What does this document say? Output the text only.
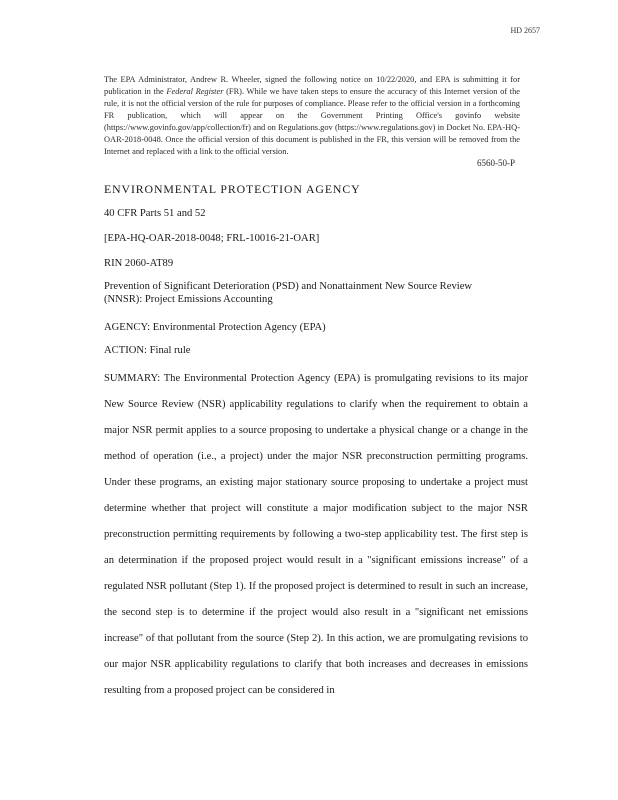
HD 2657
The EPA Administrator, Andrew R. Wheeler, signed the following notice on 10/22/2020, and EPA is submitting it for publication in the Federal Register (FR). While we have taken steps to ensure the accuracy of this Internet version of the rule, it is not the official version of the rule for purposes of compliance. Please refer to the official version in a forthcoming FR publication, which will appear on the Government Printing Office's govinfo website (https://www.govinfo.gov/app/collection/fr) and on Regulations.gov (https://www.regulations.gov) in Docket No. EPA-HQ-OAR-2018-0048. Once the official version of this document is published in the FR, this version will be removed from the Internet and replaced with a link to the official version.
6560-50-P
ENVIRONMENTAL PROTECTION AGENCY
40 CFR Parts 51 and 52
[EPA-HQ-OAR-2018-0048; FRL-10016-21-OAR]
RIN 2060-AT89
Prevention of Significant Deterioration (PSD) and Nonattainment New Source Review
(NNSR): Project Emissions Accounting
AGENCY: Environmental Protection Agency (EPA)
ACTION: Final rule
SUMMARY: The Environmental Protection Agency (EPA) is promulgating revisions to its major New Source Review (NSR) applicability regulations to clarify when the requirement to obtain a major NSR permit applies to a source proposing to undertake a physical change or a change in the method of operation (i.e., a project) under the major NSR preconstruction permitting programs. Under these programs, an existing major stationary source proposing to undertake a project must determine whether that project will constitute a major modification subject to the major NSR preconstruction permitting requirements by following a two-step applicability test. The first step is an determination if the proposed project would result in a "significant emissions increase" of a regulated NSR pollutant (Step 1). If the proposed project is determined to result in such an increase, the second step is to determine if the project would also result in a "significant net emissions increase" of that pollutant from the source (Step 2). In this action, we are promulgating revisions to our major NSR applicability regulations to clarify that both increases and decreases in emissions resulting from a proposed project can be considered in
